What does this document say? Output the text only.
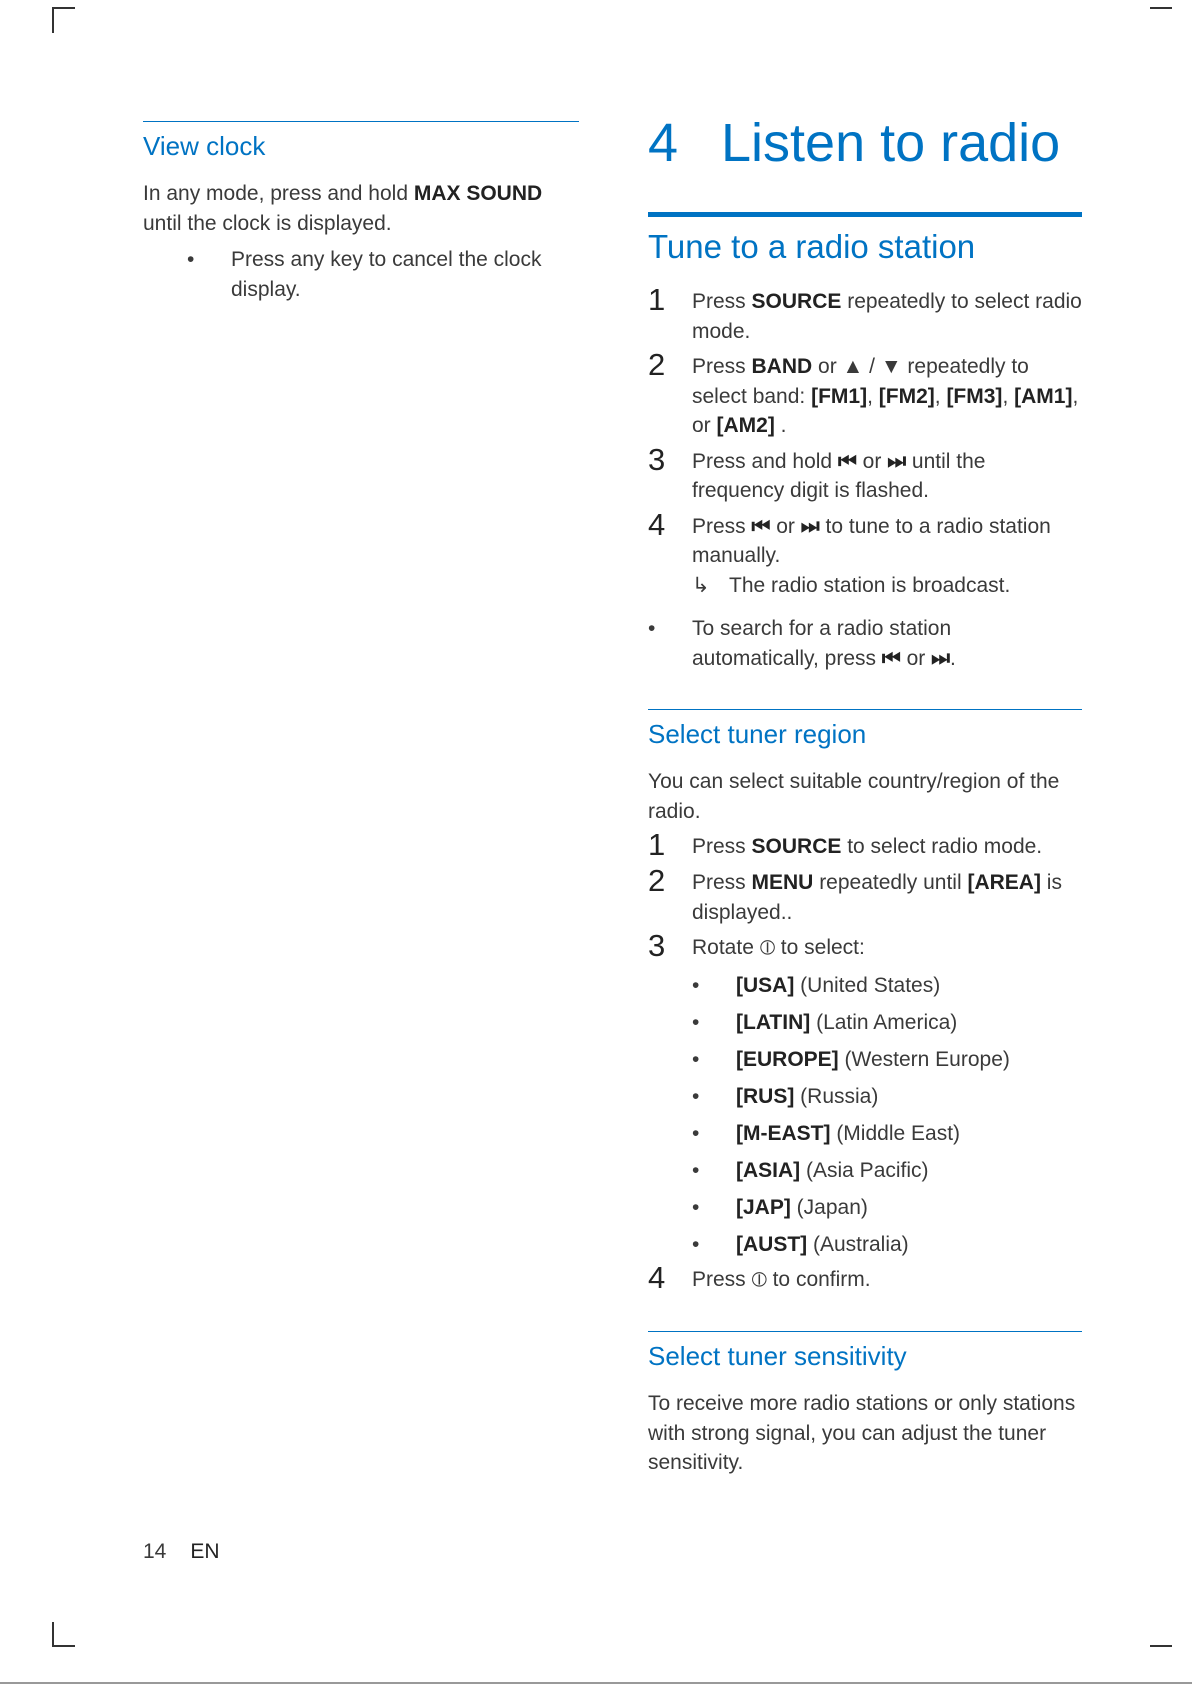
View clock

In any mode, press and hold MAX SOUND until the clock is displayed.

•	Press any key to cancel the clock display.
4 Listen to radio
Tune to a radio station
1	Press SOURCE repeatedly to select radio mode.
2	Press BAND or ▲ / ▼ repeatedly to select band: [FM1], [FM2], [FM3], [AM1], or [AM2] .
3	Press and hold ⏮ or ⏭ until the frequency digit is flashed.
4	Press ⏮ or ⏭ to tune to a radio station manually.
↳ The radio station is broadcast.
•	To search for a radio station automatically, press ⏮ or ⏭.
Select tuner region

You can select suitable country/region of the radio.

1	Press SOURCE to select radio mode.
2	Press MENU repeatedly until [AREA] is displayed..
3	Rotate ⦶ to select:
•	[USA] (United States)
•	[LATIN] (Latin America)
•	[EUROPE] (Western Europe)
•	[RUS] (Russia)
•	[M-EAST] (Middle East)
•	[ASIA] (Asia Pacific)
•	[JAP] (Japan)
•	[AUST] (Australia)
4	Press ⦶ to confirm.
Select tuner sensitivity

To receive more radio stations or only stations with strong signal, you can adjust the tuner sensitivity.

14 EN
